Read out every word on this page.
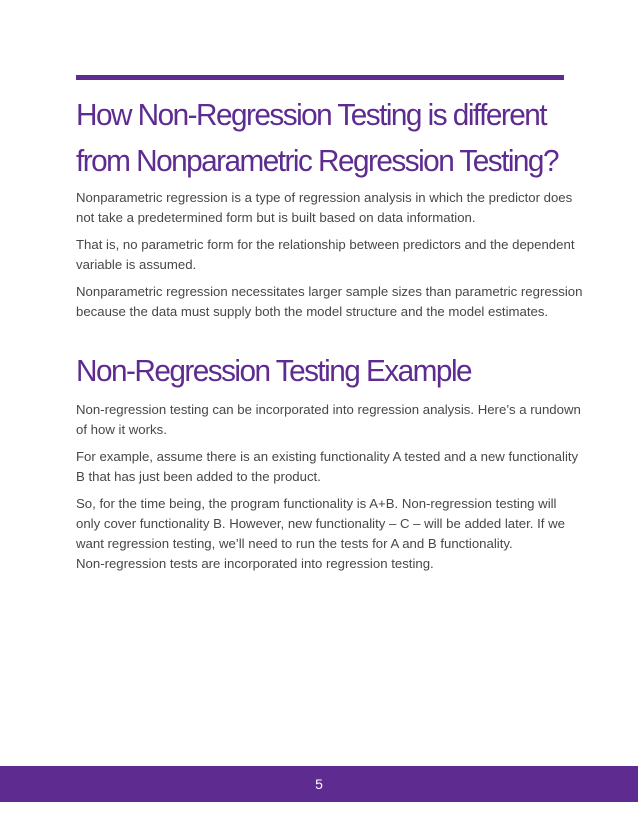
How Non-Regression Testing is different
from Nonparametric Regression Testing?

Nonparametric regression is a type of regression analysis in which the predictor does
not take a predetermined form but is built based on data information.

That is, no parametric form for the relationship between predictors and the dependent
variable is assumed.

Nonparametric regression necessitates larger sample sizes than parametric regression
because the data must supply both the model structure and the model estimates.

Non-Regression Testing Example

Non-regression testing can be incorporated into regression analysis. Here’s a rundown
of how it works.

For example, assume there is an existing functionality A tested and a new functionality
B that has just been added to the product.

So, for the time being, the program functionality is A+B. Non-regression testing will
only cover functionality B. However, new functionality – C – will be added later. If we
want regression testing, we’ll need to run the tests for A and B functionality.
Non-regression tests are incorporated into regression testing.

5
